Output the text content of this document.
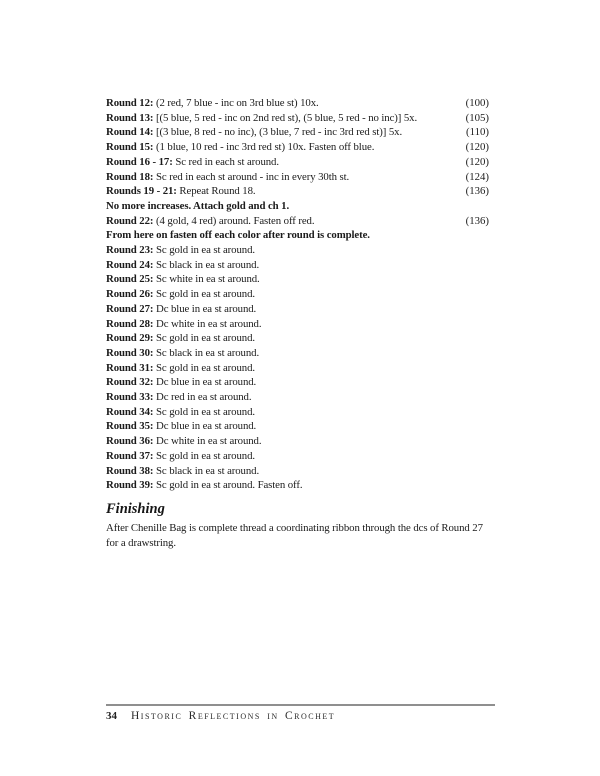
Round 12: (2 red, 7 blue - inc on 3rd blue st) 10x.	(100)
Round 13: [(5 blue, 5 red - inc on 2nd red st), (5 blue, 5 red - no inc)] 5x.	(105)
Round 14: [(3 blue, 8 red - no inc), (3 blue, 7 red - inc 3rd red st)] 5x.	(110)
Round 15: (1 blue, 10 red - inc 3rd red st) 10x. Fasten off blue.	(120)
Round 16 - 17: Sc red in each st around.	(120)
Round 18: Sc red in each st around - inc in every 30th st.	(124)
Rounds 19 - 21: Repeat Round 18.	(136)
No more increases. Attach gold and ch 1.
Round 22: (4 gold, 4 red) around. Fasten off red.	(136)
From here on fasten off each color after round is complete.
Round 23: Sc gold in ea st around.
Round 24: Sc black in ea st around.
Round 25: Sc white in ea st around.
Round 26: Sc gold in ea st around.
Round 27: Dc blue in ea st around.
Round 28: Dc white in ea st around.
Round 29: Sc gold in ea st around.
Round 30: Sc black in ea st around.
Round 31: Sc gold in ea st around.
Round 32: Dc blue in ea st around.
Round 33: Dc red in ea st around.
Round 34: Sc gold in ea st around.
Round 35: Dc blue in ea st around.
Round 36: Dc white in ea st around.
Round 37: Sc gold in ea st around.
Round 38: Sc black in ea st around.
Round 39: Sc gold in ea st around. Fasten off.
Finishing

After Chenille Bag is complete thread a coordinating ribbon through the dcs of Round 27 for a drawstring.

34 Historic Reflections in Crochet
